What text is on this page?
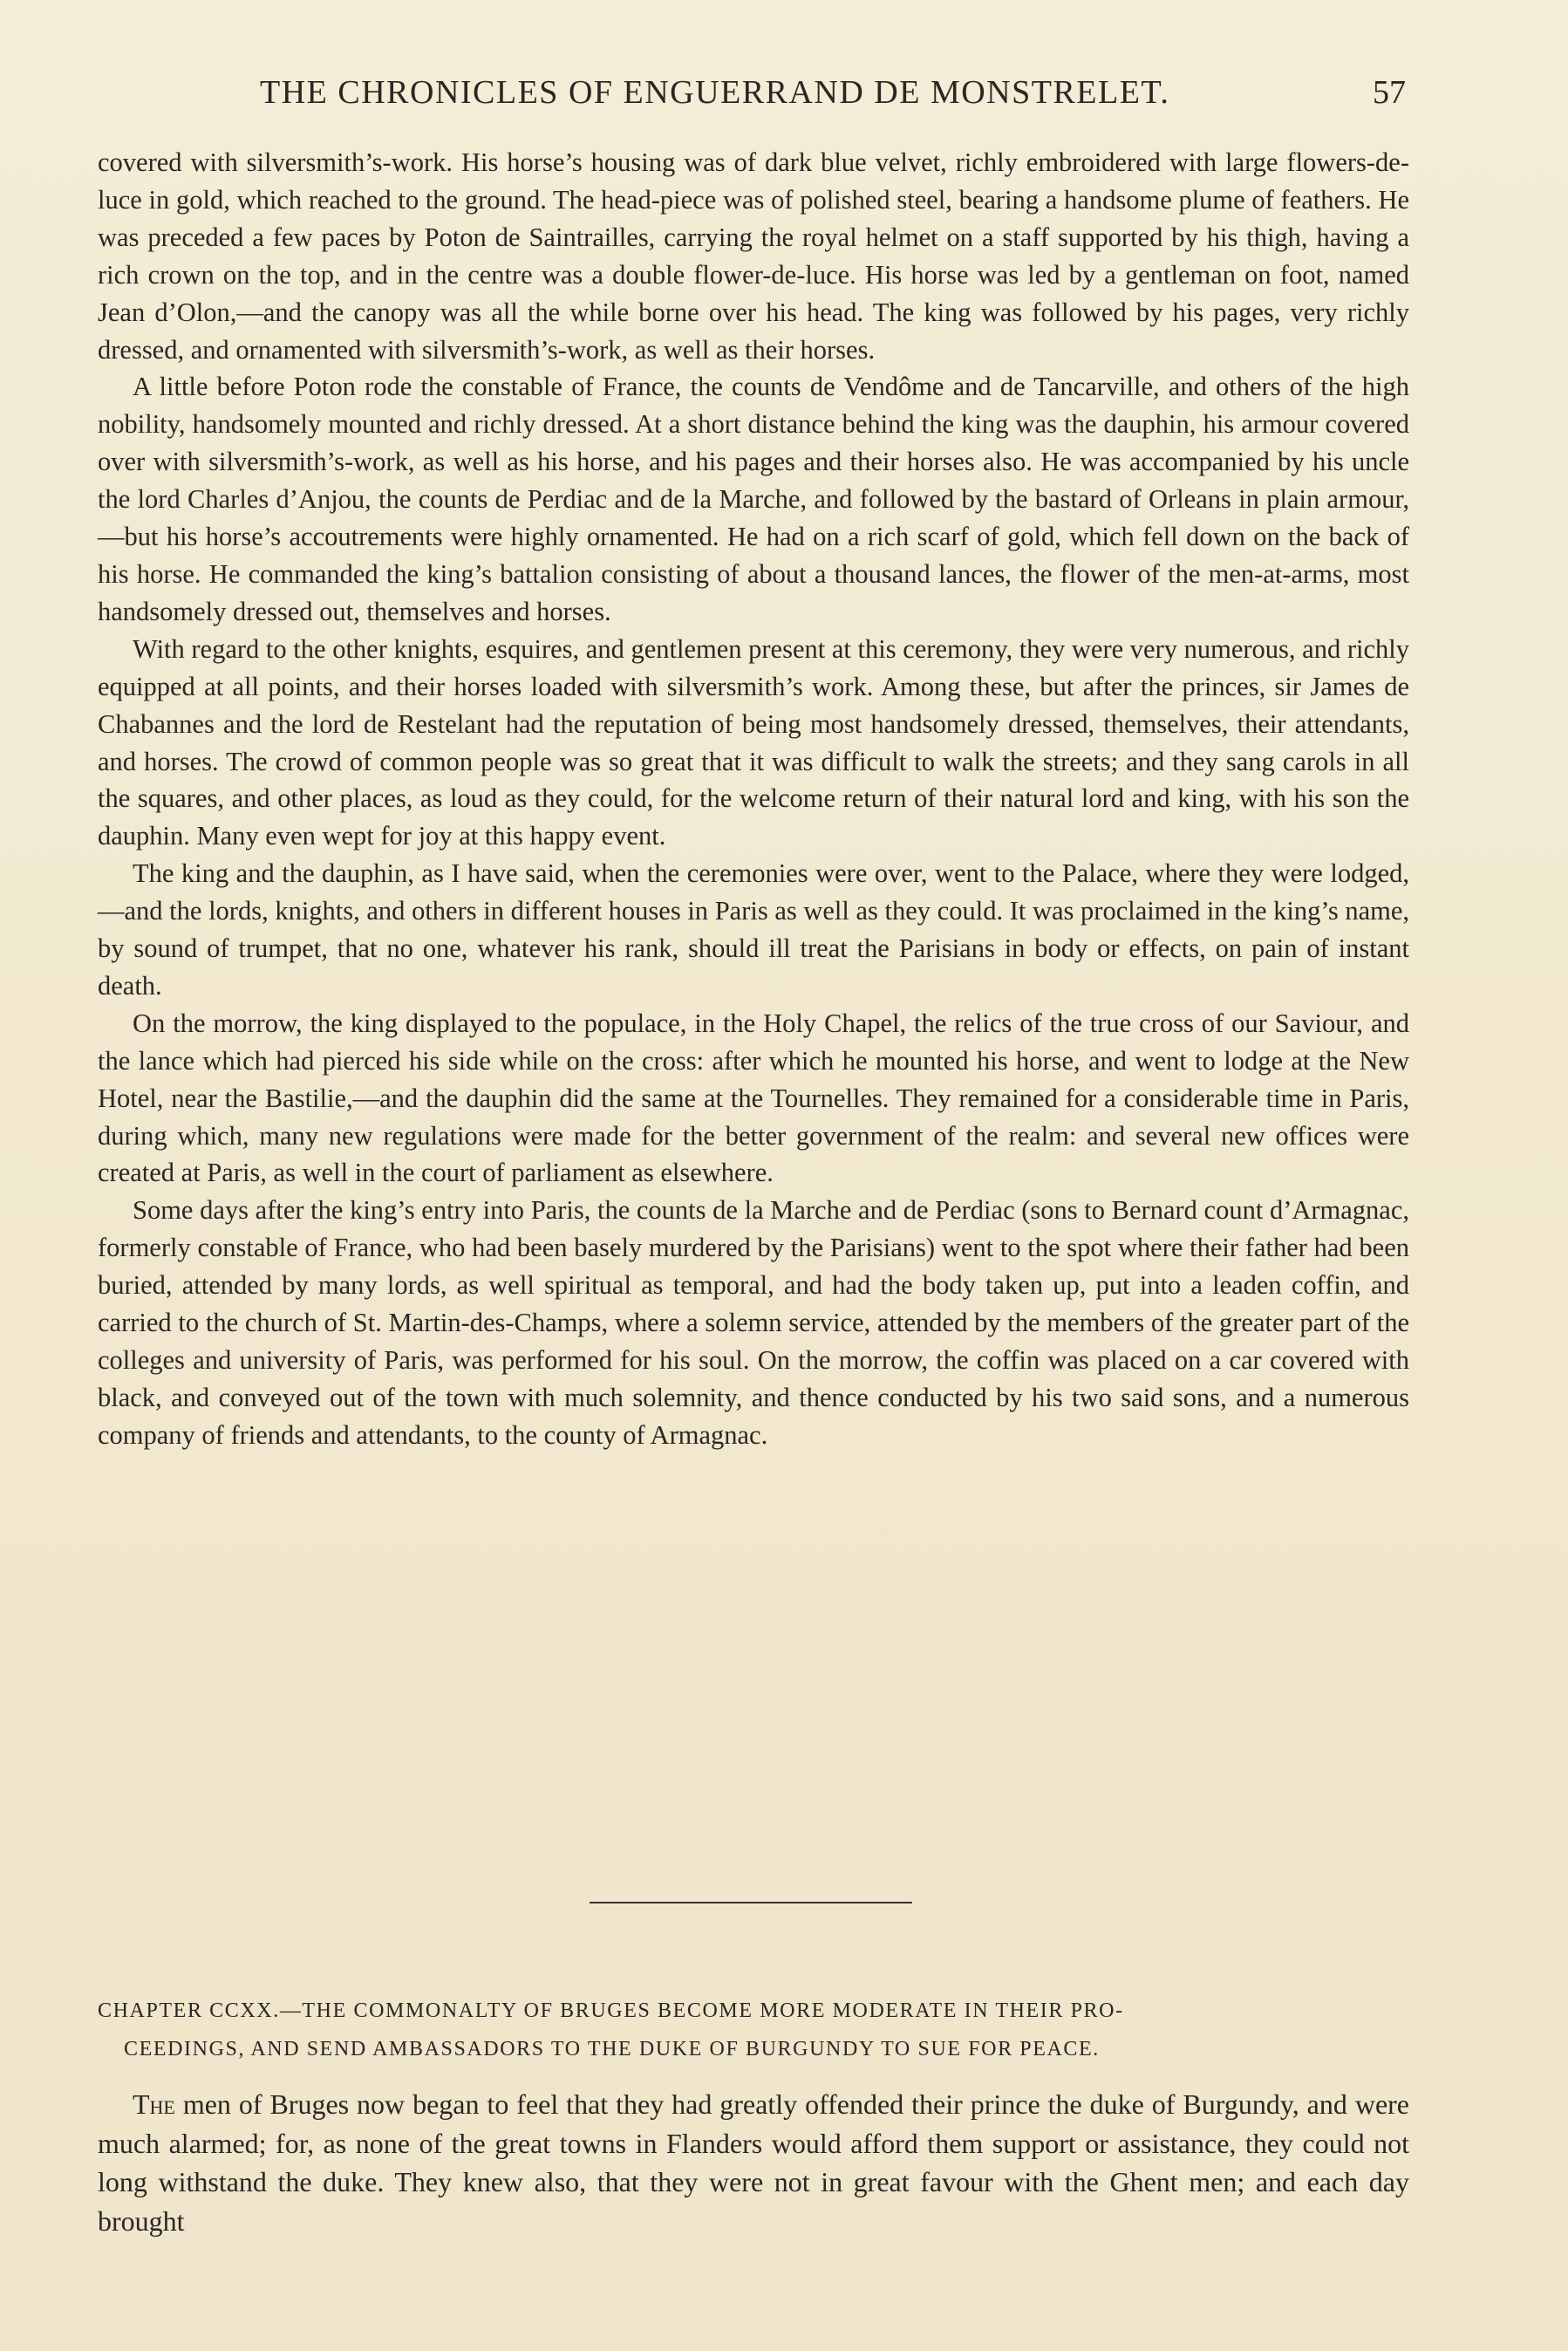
THE CHRONICLES OF ENGUERRAND DE MONSTRELET.	57

covered with silversmith’s-work. His horse’s housing was of dark blue velvet, richly embroidered with large flowers-de-luce in gold, which reached to the ground. The head-piece was of polished steel, bearing a handsome plume of feathers. He was preceded a few paces by Poton de Saintrailles, carrying the royal helmet on a staff supported by his thigh, having a rich crown on the top, and in the centre was a double flower-de-luce. His horse was led by a gentleman on foot, named Jean d’Olon,—and the canopy was all the while borne over his head. The king was followed by his pages, very richly dressed, and ornamented with silversmith’s-work, as well as their horses.

A little before Poton rode the constable of France, the counts de Vendôme and de Tancarville, and others of the high nobility, handsomely mounted and richly dressed. At a short distance behind the king was the dauphin, his armour covered over with silversmith’s-work, as well as his horse, and his pages and their horses also. He was accompanied by his uncle the lord Charles d’Anjou, the counts de Perdiac and de la Marche, and followed by the bastard of Orleans in plain armour,—but his horse’s accoutrements were highly ornamented. He had on a rich scarf of gold, which fell down on the back of his horse. He commanded the king’s battalion consisting of about a thousand lances, the flower of the men-at-arms, most handsomely dressed out, themselves and horses.

With regard to the other knights, esquires, and gentlemen present at this ceremony, they were very numerous, and richly equipped at all points, and their horses loaded with silversmith’s work. Among these, but after the princes, sir James de Chabannes and the lord de Restelant had the reputation of being most handsomely dressed, themselves, their attendants, and horses. The crowd of common people was so great that it was difficult to walk the streets; and they sang carols in all the squares, and other places, as loud as they could, for the welcome return of their natural lord and king, with his son the dauphin. Many even wept for joy at this happy event.

The king and the dauphin, as I have said, when the ceremonies were over, went to the Palace, where they were lodged,—and the lords, knights, and others in different houses in Paris as well as they could. It was proclaimed in the king’s name, by sound of trumpet, that no one, whatever his rank, should ill treat the Parisians in body or effects, on pain of instant death.

On the morrow, the king displayed to the populace, in the Holy Chapel, the relics of the true cross of our Saviour, and the lance which had pierced his side while on the cross: after which he mounted his horse, and went to lodge at the New Hotel, near the Bastilie,—and the dauphin did the same at the Tournelles. They remained for a considerable time in Paris, during which, many new regulations were made for the better government of the realm: and several new offices were created at Paris, as well in the court of parliament as elsewhere.

Some days after the king’s entry into Paris, the counts de la Marche and de Perdiac (sons to Bernard count d’Armagnac, formerly constable of France, who had been basely murdered by the Parisians) went to the spot where their father had been buried, attended by many lords, as well spiritual as temporal, and had the body taken up, put into a leaden coffin, and carried to the church of St. Martin-des-Champs, where a solemn service, attended by the members of the greater part of the colleges and university of Paris, was performed for his soul. On the morrow, the coffin was placed on a car covered with black, and conveyed out of the town with much solemnity, and thence conducted by his two said sons, and a numerous company of friends and attendants, to the county of Armagnac.

CHAPTER CCXX.—THE COMMONALTY OF BRUGES BECOME MORE MODERATE IN THEIR PRO-
CEEDINGS, AND SEND AMBASSADORS TO THE DUKE OF BURGUNDY TO SUE FOR PEACE.

The men of Bruges now began to feel that they had greatly offended their prince the duke of Burgundy, and were much alarmed; for, as none of the great towns in Flanders would afford them support or assistance, they could not long withstand the duke. They knew also, that they were not in great favour with the Ghent men; and each day brought
